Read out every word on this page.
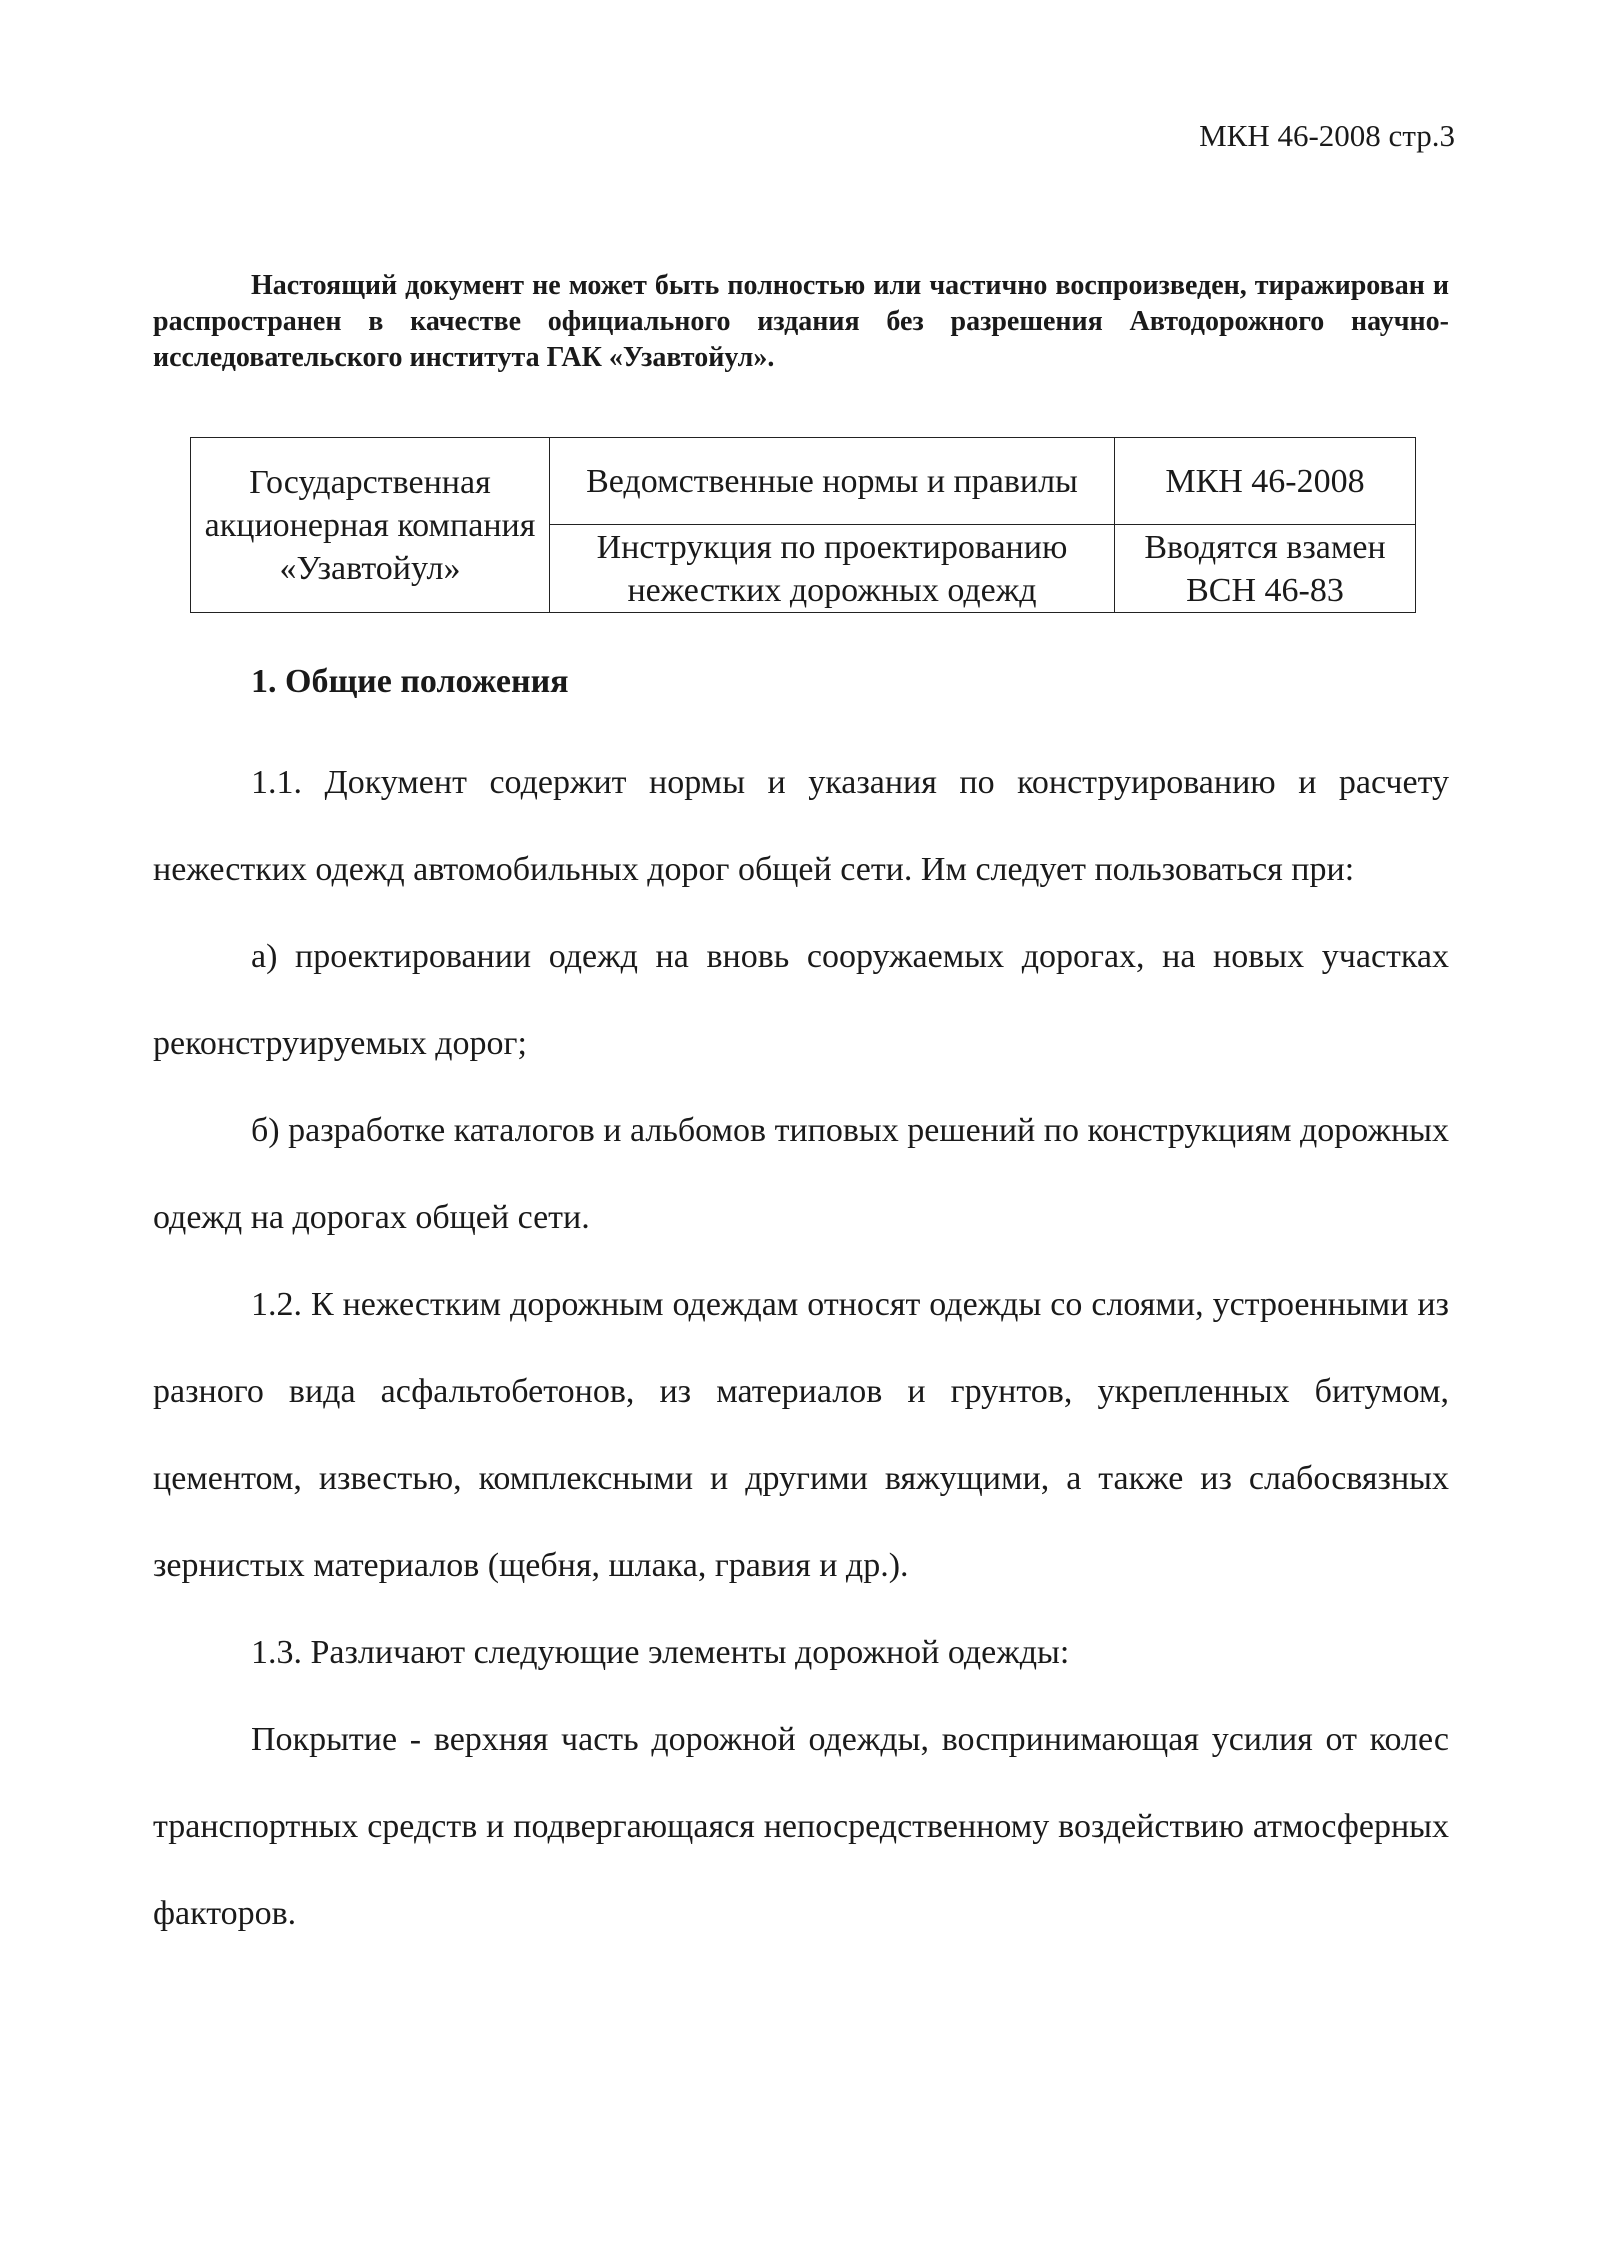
МКН 46-2008 стр.3

Настоящий документ не может быть полностью или частично воспроизведен, тиражирован и распространен в качестве официального издания без разрешения Автодорожного научно-исследовательского института ГАК «Узавтойул».

Государственная акционерная компания «Узавтойул»	Ведомственные нормы и правилы	МКН 46-2008
	Инструкция по проектированию нежестких дорожных одежд	Вводятся взамен ВСН 46-83
1. Общие положения

1.1. Документ содержит нормы и указания по конструированию и расчету нежестких одежд автомобильных дорог общей сети. Им следует пользоваться при:

а) проектировании одежд на вновь сооружаемых дорогах, на новых участках реконструируемых дорог;

б) разработке каталогов и альбомов типовых решений по конструкциям дорожных одежд на дорогах общей сети.

1.2. К нежестким дорожным одеждам относят одежды со слоями, устроенными из разного вида асфальтобетонов, из материалов и грунтов, укрепленных битумом, цементом, известью, комплексными и другими вяжущими, а также из слабосвязных зернистых материалов (щебня, шлака, гравия и др.).

1.3. Различают следующие элементы дорожной одежды:

Покрытие - верхняя часть дорожной одежды, воспринимающая усилия от колес транспортных средств и подвергающаяся непосредственному воздействию атмосферных факторов.
